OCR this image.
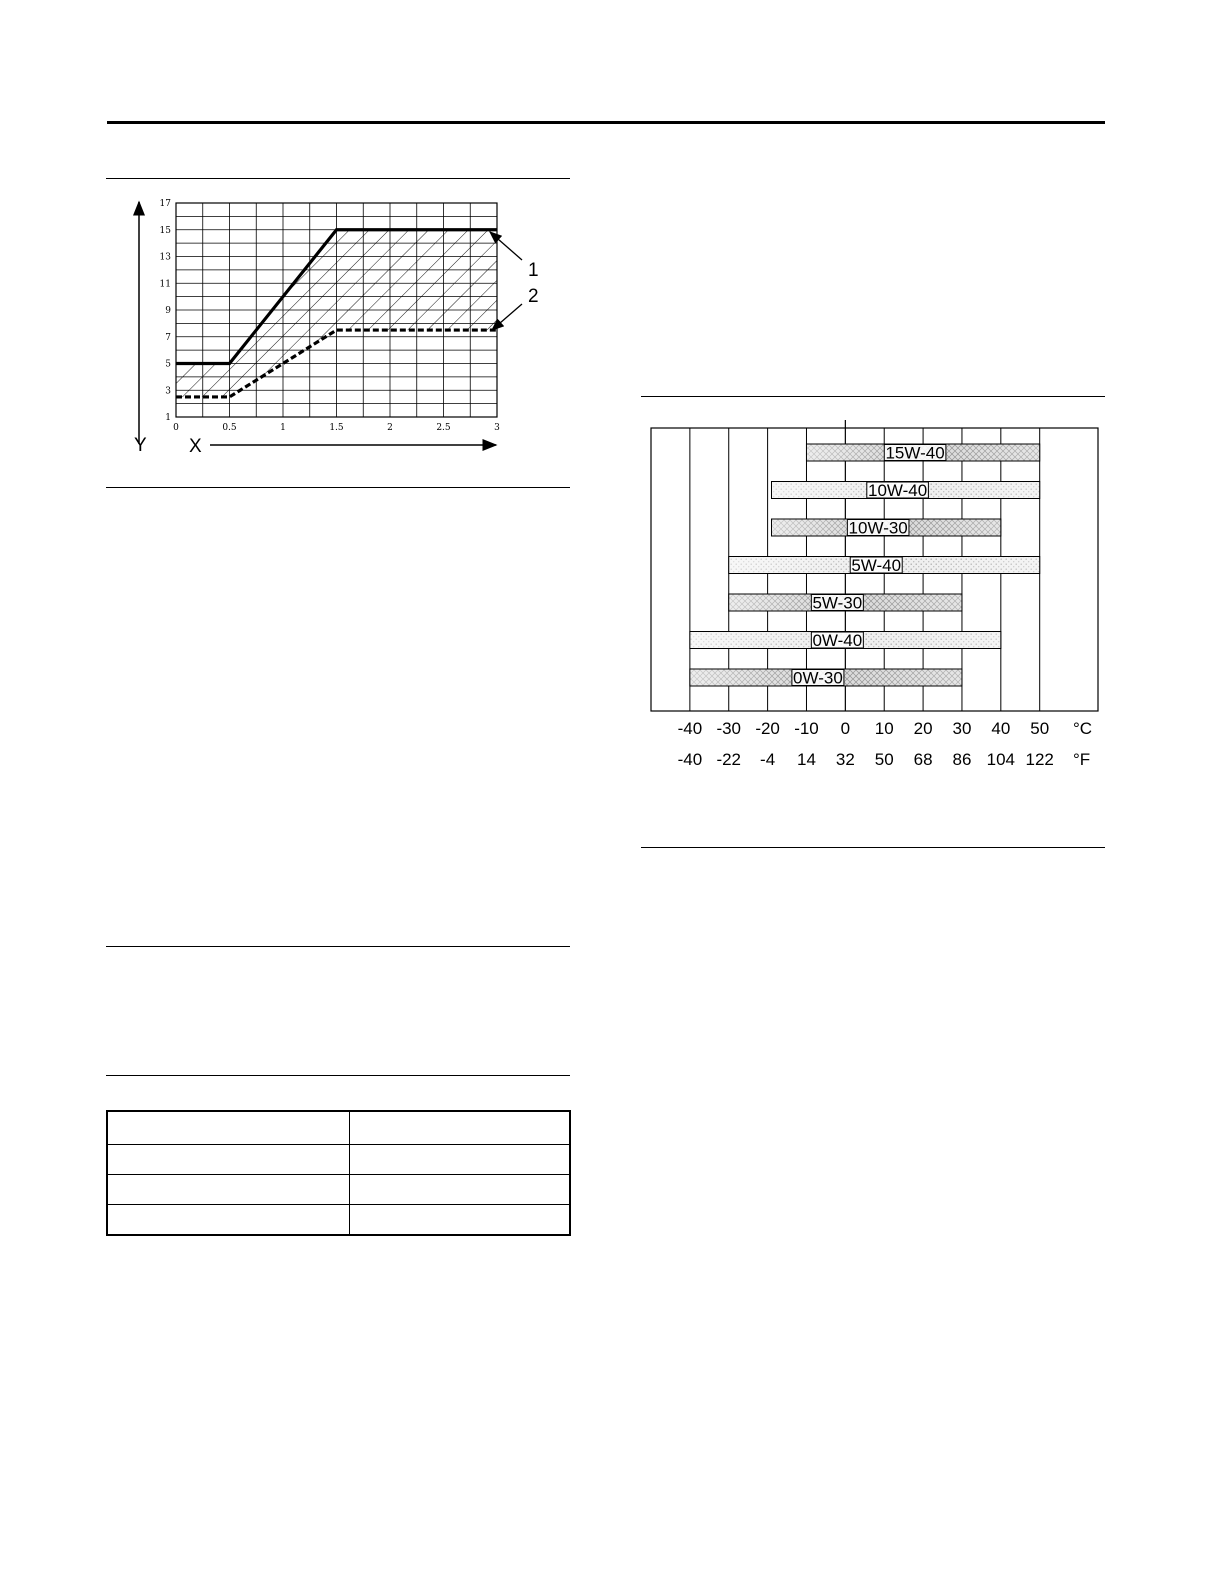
0	0.5	1	1.5	2	2.5	3
1
3
5
7
9
11
13
15
17
Y X
1
2
15W-40
10W-40
10W-30
5W-40
5W-30
0W-40
0W-30
-40 -30 -20 -10 0 10 20 30 40 50
-40 -22 -4 14 32 50 68 86 104 122
°C
°F
